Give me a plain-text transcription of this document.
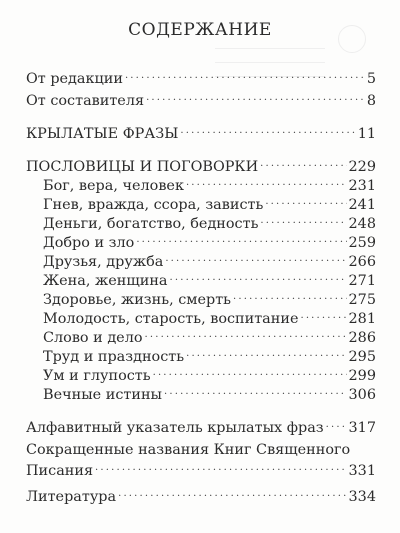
СОДЕРЖАНИЕ
От редакции . . .	5
От составителя . . .	8
КРЫЛАТЫЕ ФРАЗЫ . . .	11
ПОСЛОВИЦЫ И ПОГОВОРКИ . . .	229
Бог, вера, человек . . .	231
Гнев, вражда, ссора, зависть . . .	241
Деньги, богатство, бедность . . .	248
Добро и зло . . .	259
Друзья, дружба . . .	266
Жена, женщина . . .	271
Здоровье, жизнь, смерть . . .	275
Молодость, старость, воспитание . . .	281
Слово и дело . . .	286
Труд и праздность . . .	295
Ум и глупость . . .	299
Вечные истины . . .	306
Алфавитный указатель крылатых фраз . . . 317
Сокращенные названия Книг Священного
Писания . . .	331
Литература . . .	334
